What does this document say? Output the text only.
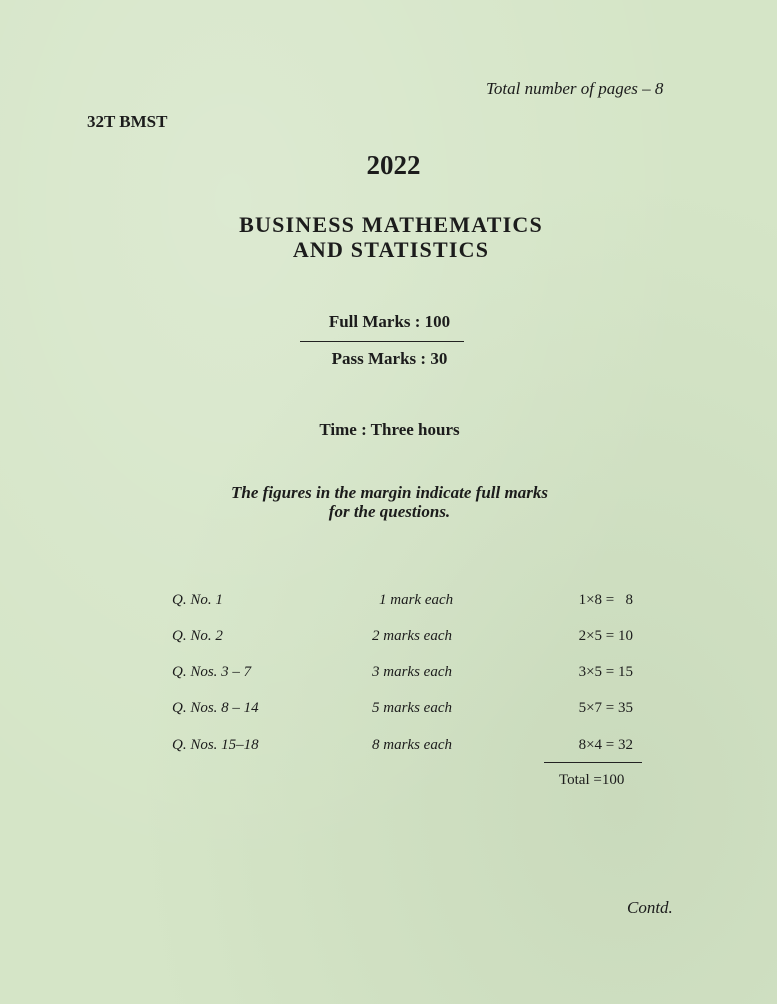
Total number of pages – 8
32T BMST
2022
BUSINESS MATHEMATICS
AND STATISTICS
Full Marks : 100
Pass Marks : 30
Time : Three hours
The figures in the margin indicate full marks
for the questions.
Q. No. 1	1 mark each	1×8 =   8
Q. No. 2	2 marks each	2×5 = 10
Q. Nos. 3 – 7	3 marks each	3×5 = 15
Q. Nos. 8 – 14	5 marks each	5×7 = 35
Q. Nos. 15–18	8 marks each	8×4 = 32
Total =100
Contd.
